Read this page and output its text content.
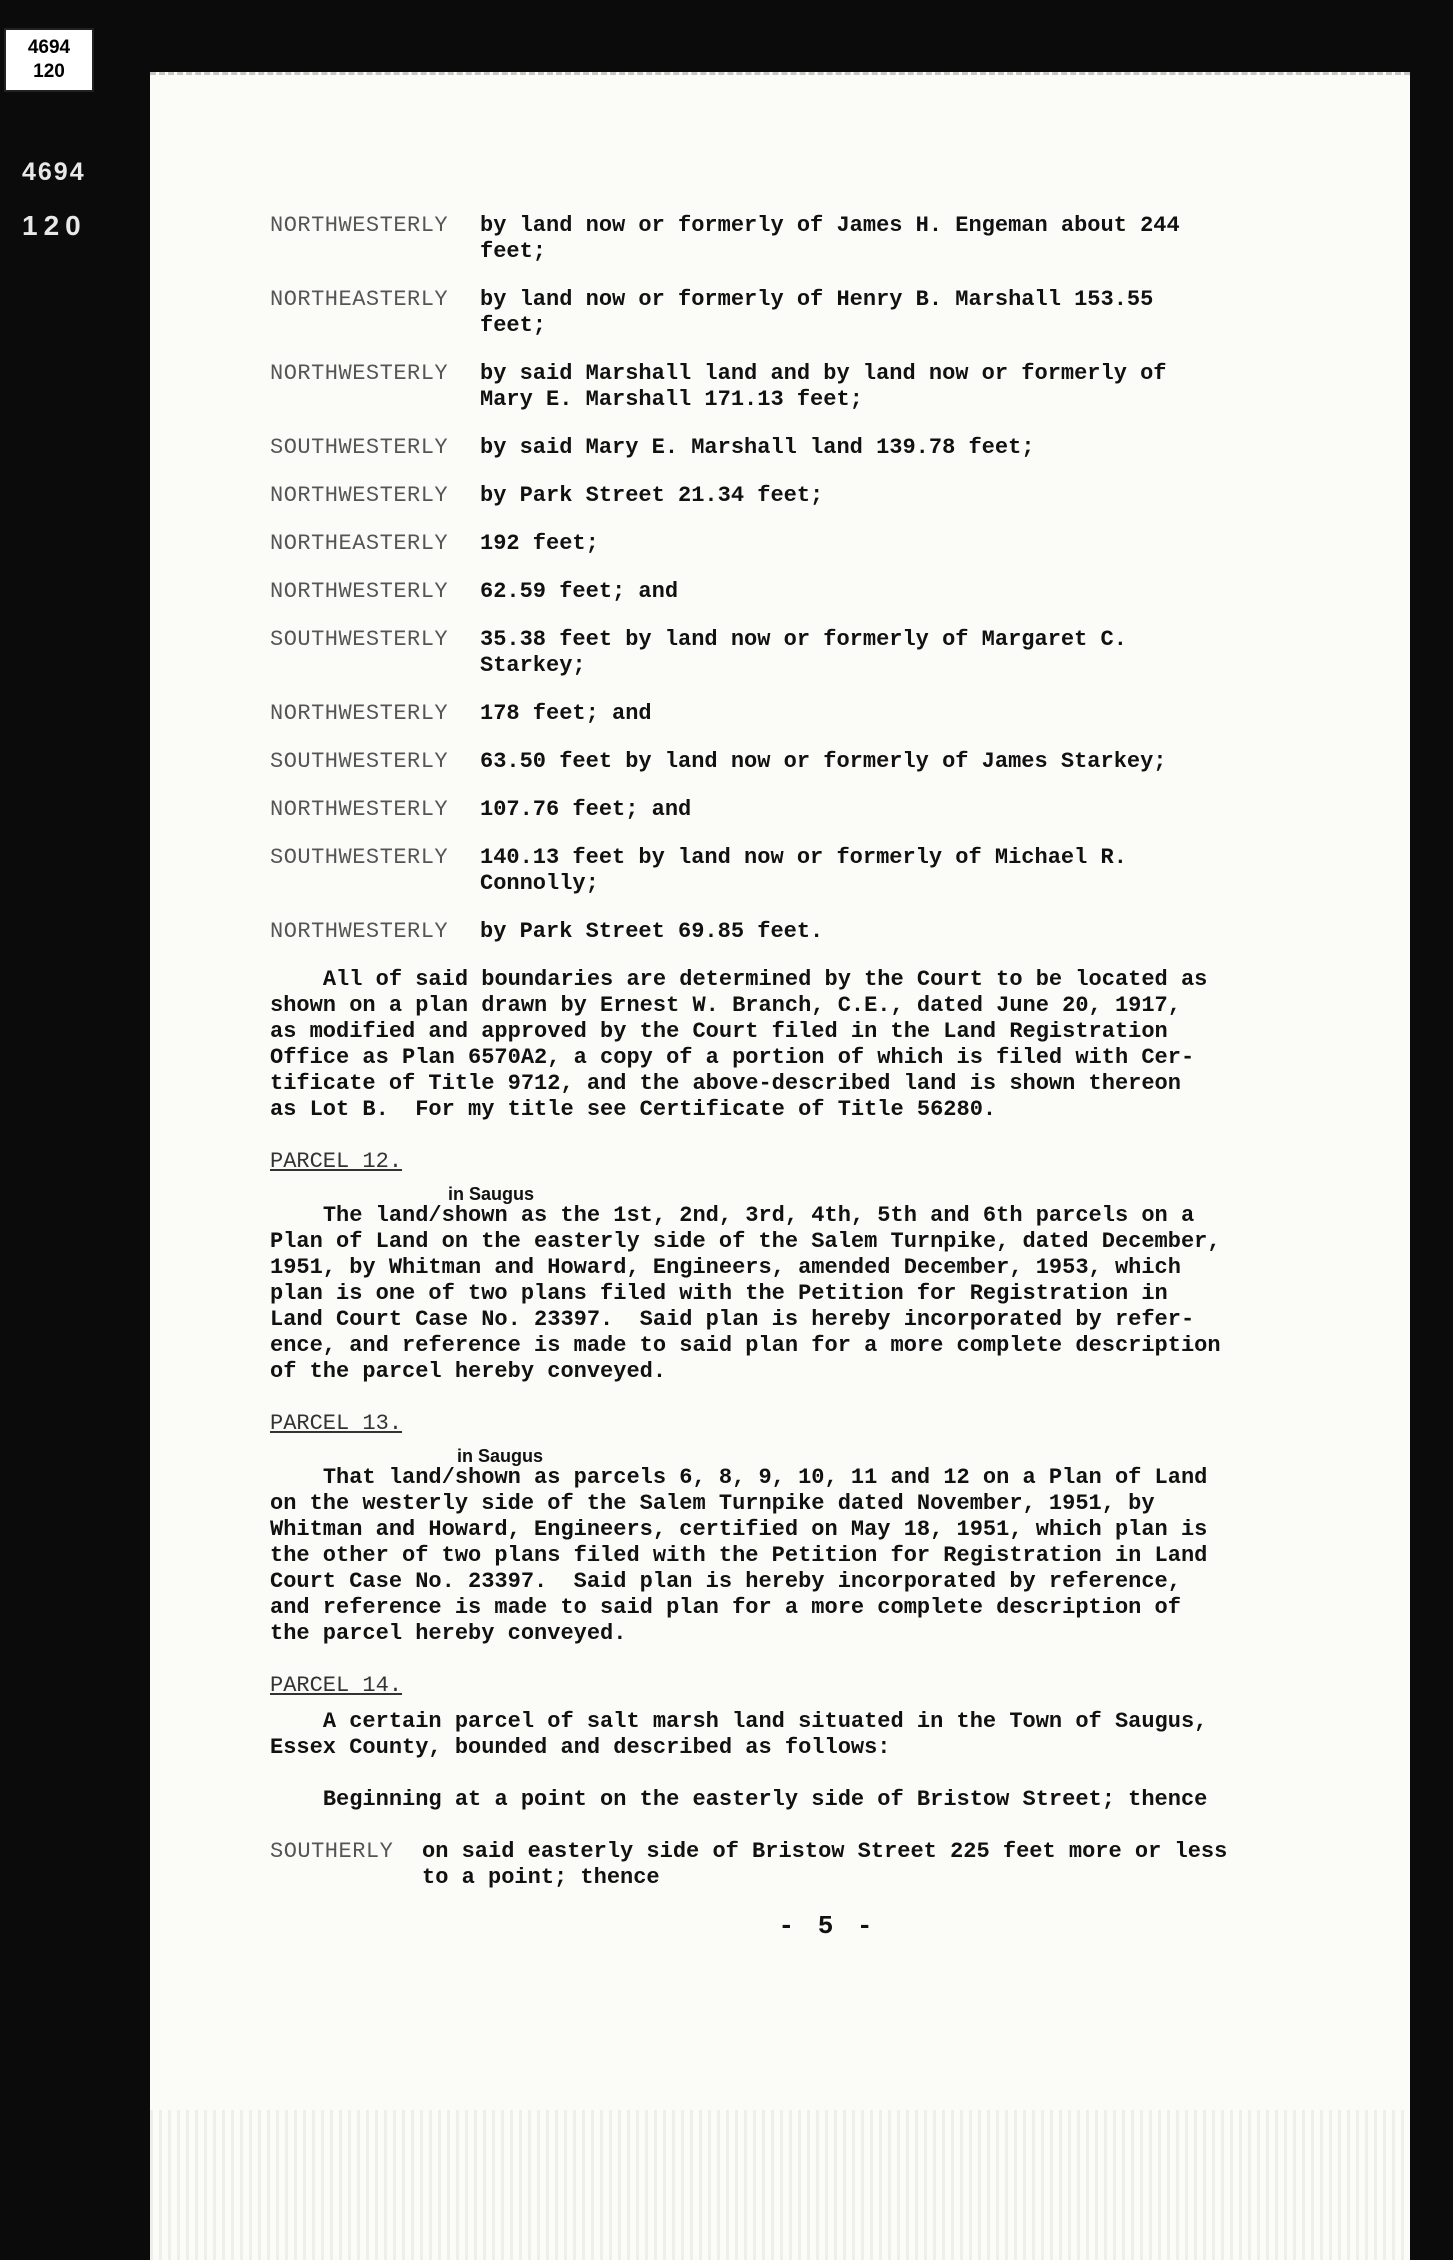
4694
120
4694
120	NORTHWESTERLY	by land now or formerly of James H. Engeman about 244
feet;
NORTHEASTERLY	by land now or formerly of Henry B. Marshall 153.55
feet;
NORTHWESTERLY	by said Marshall land and by land now or formerly of
Mary E. Marshall 171.13 feet;
SOUTHWESTERLY	by said Mary E. Marshall land 139.78 feet;
NORTHWESTERLY	by Park Street 21.34 feet;
NORTHEASTERLY	192 feet;
NORTHWESTERLY	62.59 feet; and
SOUTHWESTERLY	35.38 feet by land now or formerly of Margaret C.
Starkey;
NORTHWESTERLY	178 feet; and
SOUTHWESTERLY	63.50 feet by land now or formerly of James Starkey;
NORTHWESTERLY	107.76 feet; and
SOUTHWESTERLY	140.13 feet by land now or formerly of Michael R.
Connolly;
NORTHWESTERLY	by Park Street 69.85 feet.
All of said boundaries are determined by the Court to be located as
shown on a plan drawn by Ernest W. Branch, C.E., dated June 20, 1917,
as modified and approved by the Court filed in the Land Registration
Office as Plan 6570A2, a copy of a portion of which is filed with Cer-
tificate of Title 9712, and the above-described land is shown thereon
as Lot B.  For my title see Certificate of Title 56280.
PARCEL 12.
in Saugus
The land/shown as the 1st, 2nd, 3rd, 4th, 5th and 6th parcels on a
Plan of Land on the easterly side of the Salem Turnpike, dated December,
1951, by Whitman and Howard, Engineers, amended December, 1953, which
plan is one of two plans filed with the Petition for Registration in
Land Court Case No. 23397.  Said plan is hereby incorporated by refer-
ence, and reference is made to said plan for a more complete description
of the parcel hereby conveyed.
PARCEL 13.
in Saugus
That land/shown as parcels 6, 8, 9, 10, 11 and 12 on a Plan of Land
on the westerly side of the Salem Turnpike dated November, 1951, by
Whitman and Howard, Engineers, certified on May 18, 1951, which plan is
the other of two plans filed with the Petition for Registration in Land
Court Case No. 23397.  Said plan is hereby incorporated by reference,
and reference is made to said plan for a more complete description of
the parcel hereby conveyed.
PARCEL 14.
A certain parcel of salt marsh land situated in the Town of Saugus,
Essex County, bounded and described as follows:
Beginning at a point on the easterly side of Bristow Street; thence
SOUTHERLY	on said easterly side of Bristow Street 225 feet more or less
to a point; thence
- 5 -
